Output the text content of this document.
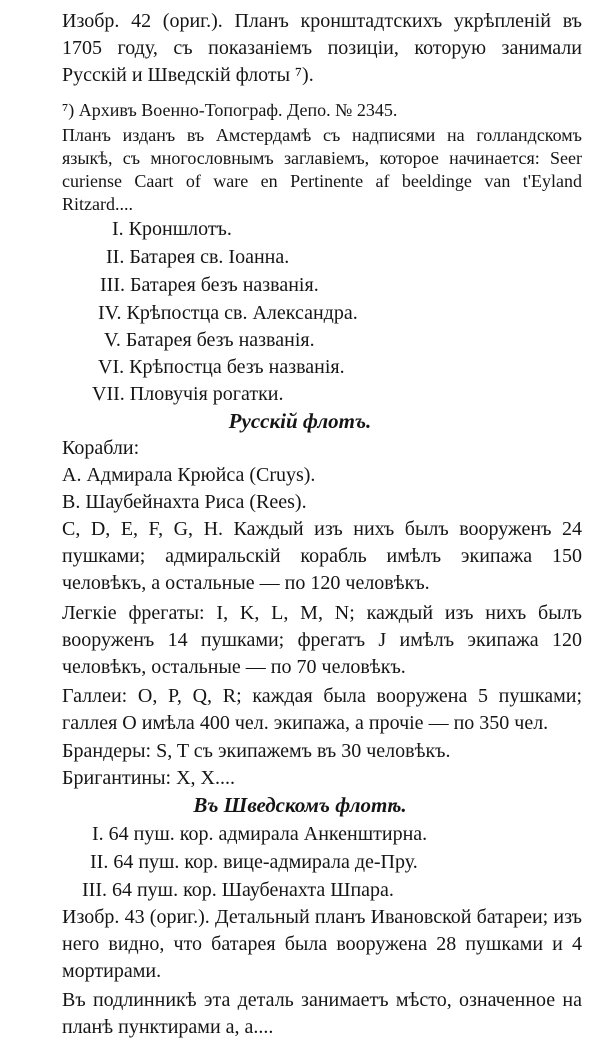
Изобр. 42 (ориг.). Планъ кронштадтскихъ укрѣпленій въ 1705 году, съ показаніемъ позиціи, которую занимали Русскій и Шведскій флоты ⁷).
⁷) Архивъ Военно-Топограф. Депо. № 2345.
Планъ изданъ въ Амстердамѣ съ надписями на голландскомъ языкѣ, съ многословнымъ заглавіемъ, которое начинается: Seer curiense Caart of ware en Pertinente af beeldinge van t'Eyland Ritzard....
I. Кроншлотъ.
II. Батарея св. Іоанна.
III. Батарея безъ названія.
IV. Крѣпостца св. Александра.
V. Батарея безъ названія.
VI. Крѣпостца безъ названія.
VII. Пловучія рогатки.
Русскій флотъ.
Корабли:
A. Адмирала Крюйса (Cruys).
B. Шаубейнахта Риса (Rees).
C, D, E, F, G, H. Каждый изъ нихъ былъ вооруженъ 24 пушками; адмиральскій корабль имѣлъ экипажа 150 человѣкъ, а остальные — по 120 человѣкъ.
Легкіе фрегаты: I, K, L, M, N; каждый изъ нихъ былъ вооруженъ 14 пушками; фрегатъ J имѣлъ экипажа 120 человѣкъ, остальные — по 70 человѣкъ.
Галлеи: O, P, Q, R; каждая была вооружена 5 пушками; галлея O имѣла 400 чел. экипажа, а прочіе — по 350 чел.
Брандеры: S, T съ экипажемъ въ 30 человѣкъ.
Бригантины: X, X....
Въ Шведскомъ флотѣ.
I. 64 пуш. кор. адмирала Анкенштирна.
II. 64 пуш. кор. вице-адмирала де-Пру.
III. 64 пуш. кор. Шаубенахта Шпара.
Изобр. 43 (ориг.). Детальный планъ Ивановской батареи; изъ него видно, что батарея была вооружена 28 пушками и 4 мортирами.
Въ подлинникѣ эта деталь занимаетъ мѣсто, означенное на планѣ пунктирами a, a....
